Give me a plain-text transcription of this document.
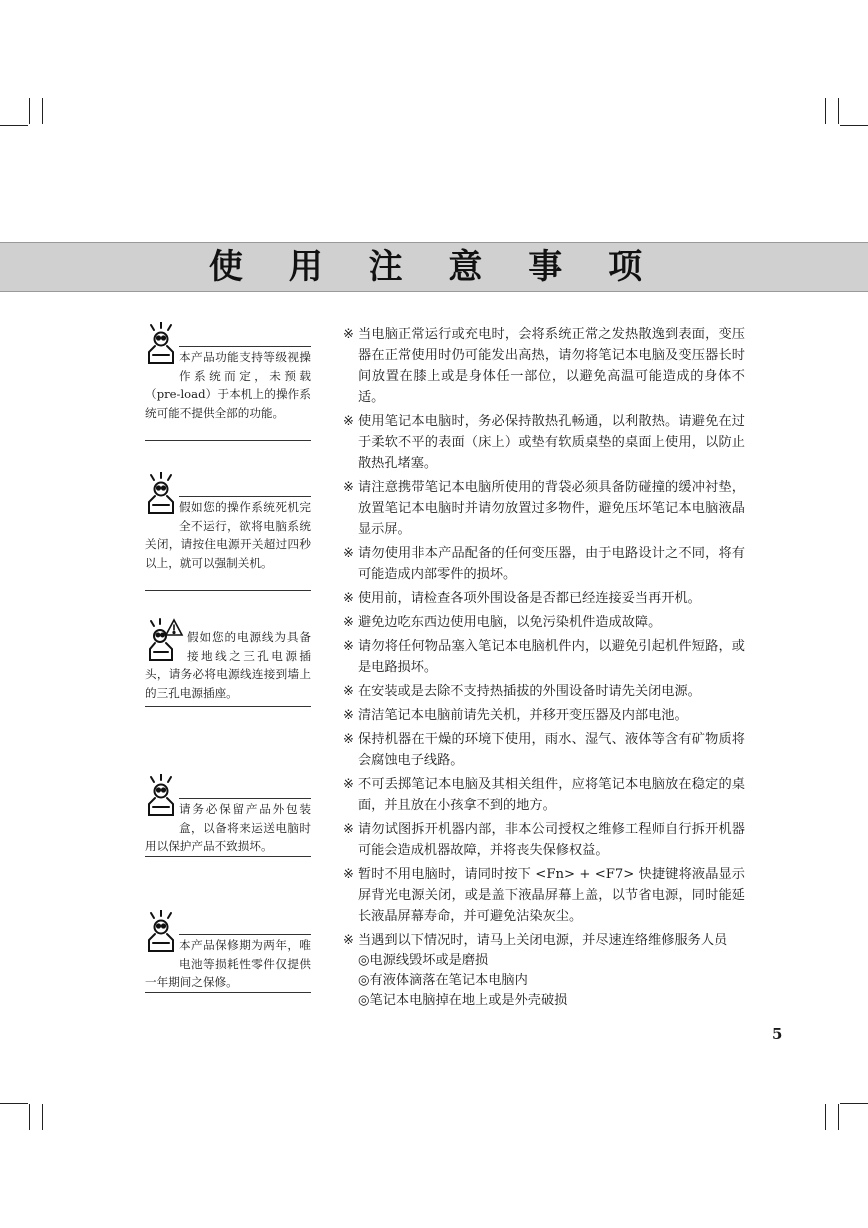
使 用 注 意 事 项

本产品功能支持等级视操作系统而定，未预载（pre-load）于本机上的操作系统可能不提供全部的功能。

假如您的操作系统死机完全不运行，欲将电脑系统关闭，请按住电源开关超过四秒以上，就可以强制关机。

假如您的电源线为具备接地线之三孔电源插头，请务必将电源线连接到墙上的三孔电源插座。

请务必保留产品外包装盒，以备将来运送电脑时用以保护产品不致损坏。

本产品保修期为两年，唯电池等损耗性零件仅提供一年期间之保修。

※ 当电脑正常运行或充电时，会将系统正常之发热散逸到表面，变压器在正常使用时仍可能发出高热，请勿将笔记本电脑及变压器长时间放置在膝上或是身体任一部位，以避免高温可能造成的身体不适。
※ 使用笔记本电脑时，务必保持散热孔畅通，以利散热。请避免在过于柔软不平的表面（床上）或垫有软质桌垫的桌面上使用，以防止散热孔堵塞。
※ 请注意携带笔记本电脑所使用的背袋必须具备防碰撞的缓冲衬垫，放置笔记本电脑时并请勿放置过多物件，避免压坏笔记本电脑液晶显示屏。
※ 请勿使用非本产品配备的任何变压器，由于电路设计之不同，将有可能造成内部零件的损坏。
※ 使用前，请检查各项外围设备是否都已经连接妥当再开机。
※ 避免边吃东西边使用电脑，以免污染机件造成故障。
※ 请勿将任何物品塞入笔记本电脑机件内，以避免引起机件短路，或是电路损坏。
※ 在安装或是去除不支持热插拔的外围设备时请先关闭电源。
※ 清洁笔记本电脑前请先关机，并移开变压器及内部电池。
※ 保持机器在干燥的环境下使用，雨水、湿气、液体等含有矿物质将会腐蚀电子线路。
※ 不可丢掷笔记本电脑及其相关组件，应将笔记本电脑放在稳定的桌面，并且放在小孩拿不到的地方。
※ 请勿试图拆开机器内部，非本公司授权之维修工程师自行拆开机器可能会造成机器故障，并将丧失保修权益。
※ 暂时不用电脑时，请同时按下 <Fn> + <F7> 快捷键将液晶显示屏背光电源关闭，或是盖下液晶屏幕上盖，以节省电源，同时能延长液晶屏幕寿命，并可避免沾染灰尘。
※ 当遇到以下情况时，请马上关闭电源，并尽速连络维修服务人员
◎电源线毁坏或是磨损
◎有液体滴落在笔记本电脑内
◎笔记本电脑掉在地上或是外壳破损
5
